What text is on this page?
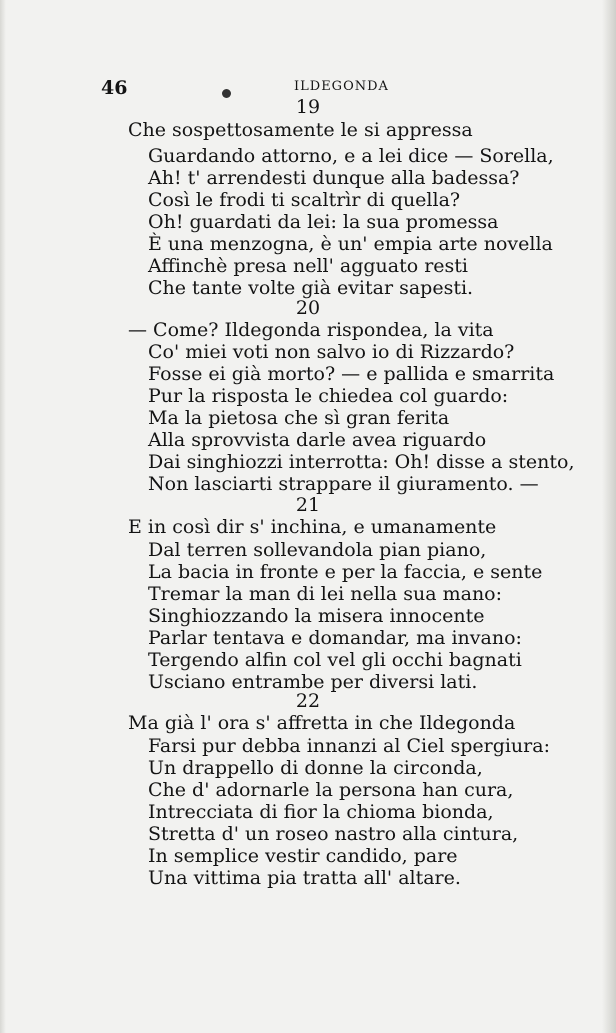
46	ILDEGONDA
19
Che sospettosamente le si appressa
Guardando attorno, e a lei dice — Sorella,
Ah! t' arrendesti dunque alla badessa?
Così le frodi ti scaltrìr di quella?
Oh! guardati da lei: la sua promessa
È una menzogna, è un' empia arte novella
Affinchè presa nell' agguato resti
Che tante volte già evitar sapesti.
20
— Come? Ildegonda rispondea, la vita
Co' miei voti non salvo io di Rizzardo?
Fosse ei già morto? — e pallida e smarrita
Pur la risposta le chiedea col guardo:
Ma la pietosa che sì gran ferita
Alla sprovvista darle avea riguardo
Dai singhiozzi interrotta: Oh! disse a stento,
Non lasciarti strappare il giuramento. —
21
E in così dir s' inchina, e umanamente
Dal terren sollevandola pian piano,
La bacia in fronte e per la faccia, e sente
Tremar la man di lei nella sua mano:
Singhiozzando la misera innocente
Parlar tentava e domandar, ma invano:
Tergendo alfin col vel gli occhi bagnati
Usciano entrambe per diversi lati.
22
Ma già l' ora s' affretta in che Ildegonda
Farsi pur debba innanzi al Ciel spergiura:
Un drappello di donne la circonda,
Che d' adornarle la persona han cura,
Intrecciata di fior la chioma bionda,
Stretta d' un roseo nastro alla cintura,
In semplice vestir candido, pare
Una vittima pia tratta all' altare.
